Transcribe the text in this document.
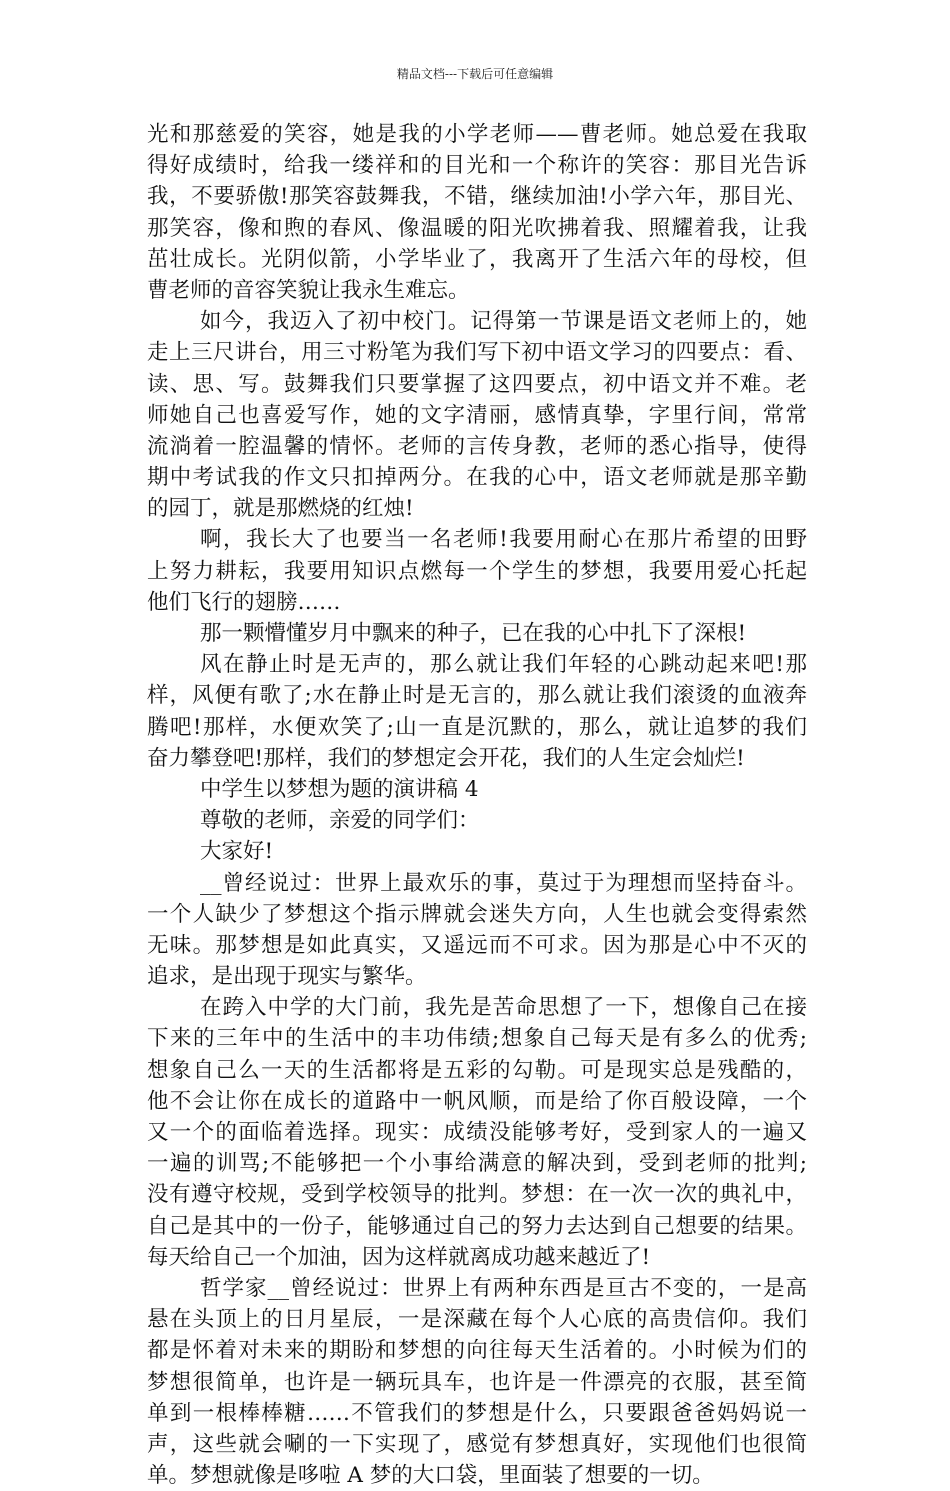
精品文档---下载后可任意编辑
光和那慈爱的笑容，她是我的小学老师——曹老师。她总爱在我取
得好成绩时，给我一缕祥和的目光和一个称许的笑容：那目光告诉
我，不要骄傲!那笑容鼓舞我，不错，继续加油!小学六年，那目光、
那笑容，像和煦的春风、像温暖的阳光吹拂着我、照耀着我，让我
茁壮成长。光阴似箭，小学毕业了，我离开了生活六年的母校，但
曹老师的音容笑貌让我永生难忘。
如今，我迈入了初中校门。记得第一节课是语文老师上的，她
走上三尺讲台，用三寸粉笔为我们写下初中语文学习的四要点：看、
读、思、写。鼓舞我们只要掌握了这四要点，初中语文并不难。老
师她自己也喜爱写作，她的文字清丽，感情真挚，字里行间，常常
流淌着一腔温馨的情怀。老师的言传身教，老师的悉心指导，使得
期中考试我的作文只扣掉两分。在我的心中，语文老师就是那辛勤
的园丁，就是那燃烧的红烛!
啊，我长大了也要当一名老师!我要用耐心在那片希望的田野
上努力耕耘，我要用知识点燃每一个学生的梦想，我要用爱心托起
他们飞行的翅膀……
那一颗懵懂岁月中飘来的种子，已在我的心中扎下了深根!
风在静止时是无声的，那么就让我们年轻的心跳动起来吧!那
样，风便有歌了;水在静止时是无言的，那么就让我们滚烫的血液奔
腾吧!那样，水便欢笑了;山一直是沉默的，那么，就让追梦的我们
奋力攀登吧!那样，我们的梦想定会开花，我们的人生定会灿烂!
中学生以梦想为题的演讲稿 4
尊敬的老师，亲爱的同学们：
大家好!
__曾经说过：世界上最欢乐的事，莫过于为理想而坚持奋斗。
一个人缺少了梦想这个指示牌就会迷失方向，人生也就会变得索然
无味。那梦想是如此真实，又遥远而不可求。因为那是心中不灭的
追求，是出现于现实与繁华。
在跨入中学的大门前，我先是苦命思想了一下，想像自己在接
下来的三年中的生活中的丰功伟绩;想象自己每天是有多么的优秀;
想象自己么一天的生活都将是五彩的勾勒。可是现实总是残酷的，
他不会让你在成长的道路中一帆风顺，而是给了你百般设障，一个
又一个的面临着选择。现实：成绩没能够考好，受到家人的一遍又
一遍的训骂;不能够把一个小事给满意的解决到，受到老师的批判;
没有遵守校规，受到学校领导的批判。梦想：在一次一次的典礼中，
自己是其中的一份子，能够通过自己的努力去达到自己想要的结果。
每天给自己一个加油，因为这样就离成功越来越近了!
哲学家__曾经说过：世界上有两种东西是亘古不变的，一是高
悬在头顶上的日月星辰，一是深藏在每个人心底的高贵信仰。我们
都是怀着对未来的期盼和梦想的向往每天生活着的。小时候为们的
梦想很简单，也许是一辆玩具车，也许是一件漂亮的衣服，甚至简
单到一根棒棒糖……不管我们的梦想是什么，只要跟爸爸妈妈说一
声，这些就会唰的一下实现了，感觉有梦想真好，实现他们也很简
单。梦想就像是哆啦 A 梦的大口袋，里面装了想要的一切。
